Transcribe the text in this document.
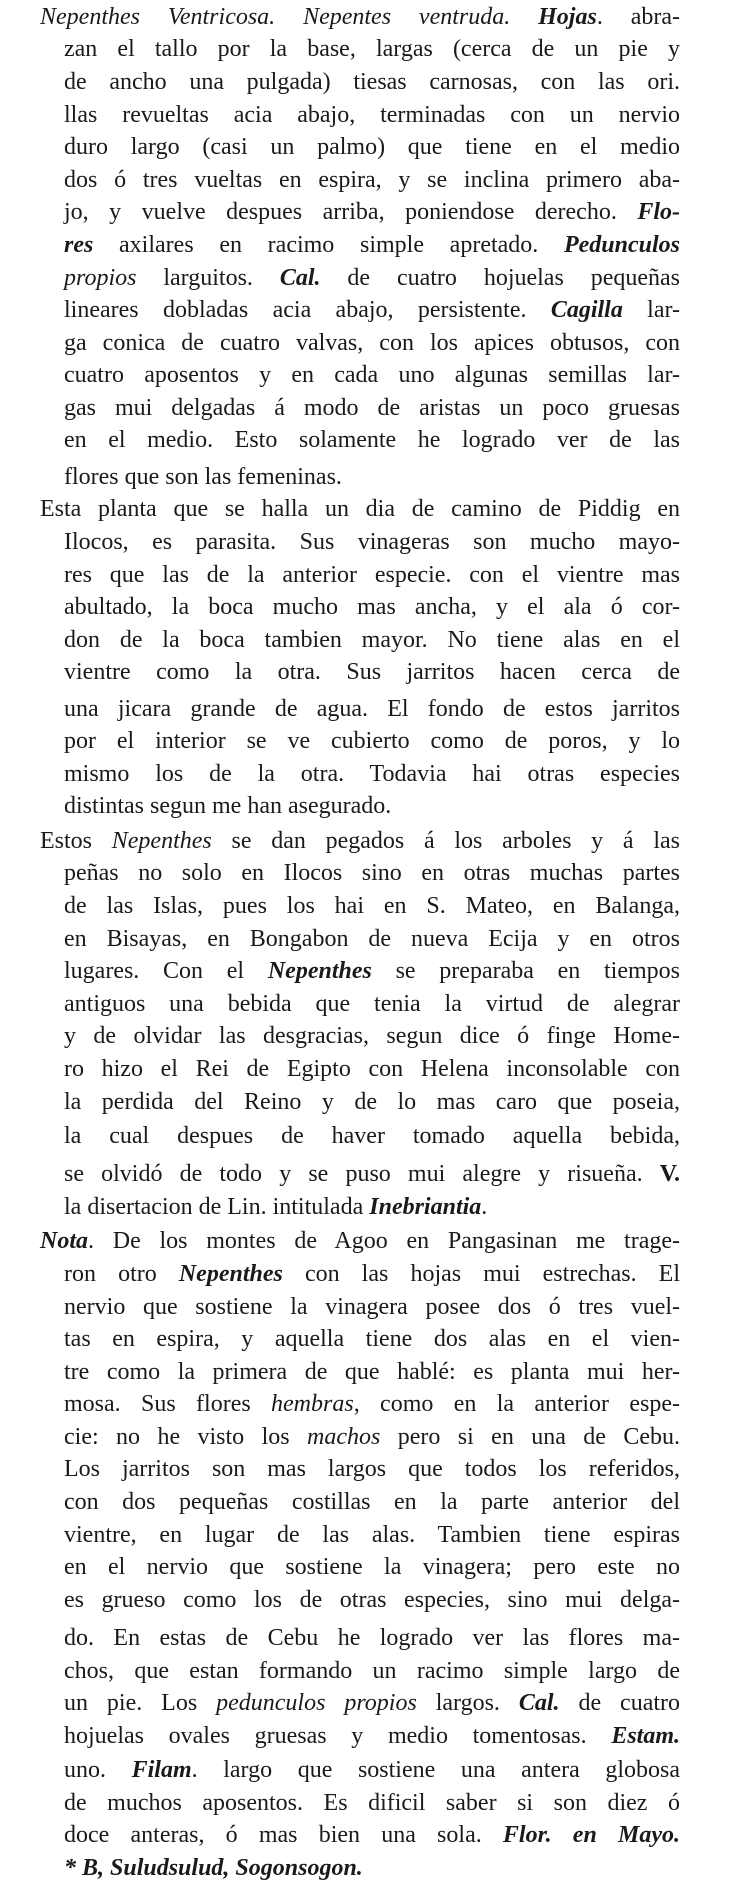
Nepenthes Ventricosa. Nepentes ventruda. Hojas. abra-
zan el tallo por la base, largas (cerca de un pie y
de ancho una pulgada) tiesas carnosas, con las ori.
llas revueltas acia abajo, terminadas con un nervio
duro largo (casi un palmo) que tiene en el medio
dos ó tres vueltas en espira, y se inclina primero aba-
jo, y vuelve despues arriba, poniendose derecho. Flo-
res axilares en racimo simple apretado. Pedunculos
propios larguitos. Cal. de cuatro hojuelas pequeñas
lineares dobladas acia abajo, persistente. Cagilla lar-
ga conica de cuatro valvas, con los apices obtusos, con
cuatro aposentos y en cada uno algunas semillas lar-
gas mui delgadas á modo de aristas un poco gruesas
en el medio. Esto solamente he logrado ver de las
flores que son las femeninas.
Esta planta que se halla un dia de camino de Piddig en
Ilocos, es parasita. Sus vinageras son mucho mayo-
res que las de la anterior especie. con el vientre mas
abultado, la boca mucho mas ancha, y el ala ó cor-
don de la boca tambien mayor. No tiene alas en el
vientre como la otra. Sus jarritos hacen cerca de
una jicara grande de agua. El fondo de estos jarritos
por el interior se ve cubierto como de poros, y lo
mismo los de la otra. Todavia hai otras especies
distintas segun me han asegurado.
Estos Nepenthes se dan pegados á los arboles y á las
peñas no solo en Ilocos sino en otras muchas partes
de las Islas, pues los hai en S. Mateo, en Balanga,
en Bisayas, en Bongabon de nueva Ecija y en otros
lugares. Con el Nepenthes se preparaba en tiempos
antiguos una bebida que tenia la virtud de alegrar
y de olvidar las desgracias, segun dice ó finge Home-
ro hizo el Rei de Egipto con Helena inconsolable con
la perdida del Reino y de lo mas caro que poseia,
la cual despues de haver tomado aquella bebida,
se olvidó de todo y se puso mui alegre y risueña. V.
la disertacion de Lin. intitulada Inebriantia.
Nota. De los montes de Agoo en Pangasinan me trage-
ron otro Nepenthes con las hojas mui estrechas. El
nervio que sostiene la vinagera posee dos ó tres vuel-
tas en espira, y aquella tiene dos alas en el vien-
tre como la primera de que hablé: es planta mui her-
mosa. Sus flores hembras, como en la anterior espe-
cie: no he visto los machos pero si en una de Cebu.
Los jarritos son mas largos que todos los referidos,
con dos pequeñas costillas en la parte anterior del
vientre, en lugar de las alas. Tambien tiene espiras
en el nervio que sostiene la vinagera; pero este no
es grueso como los de otras especies, sino mui delga-
do. En estas de Cebu he logrado ver las flores ma-
chos, que estan formando un racimo simple largo de
un pie. Los pedunculos propios largos. Cal. de cuatro
hojuelas ovales gruesas y medio tomentosas. Estam.
uno. Filam. largo que sostiene una antera globosa
de muchos aposentos. Es dificil saber si son diez ó
doce anteras, ó mas bien una sola. Flor. en Mayo.
* B, Suludsulud, Sogonsogon.
